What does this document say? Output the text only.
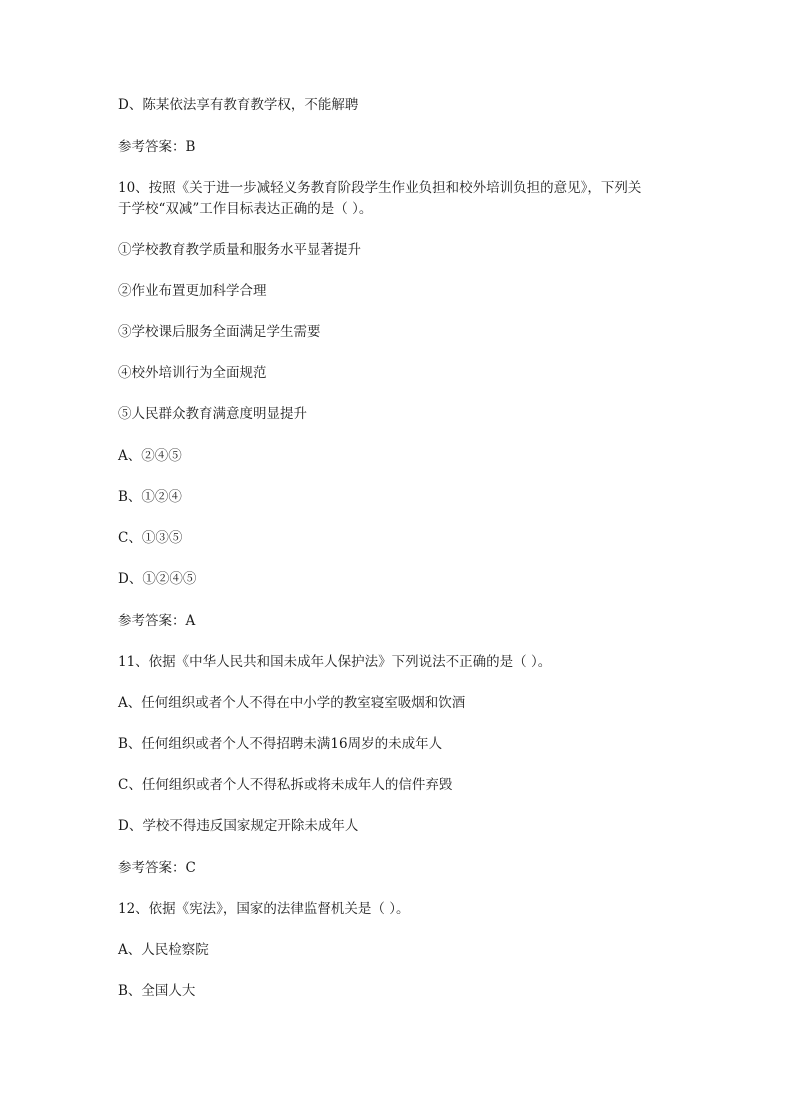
D、陈某依法享有教育教学权，不能解聘
参考答案：B
10、按照《关于进一步减轻义务教育阶段学生作业负担和校外培训负担的意见》，下列关
于学校“双减”工作目标表达正确的是（ ）。
①学校教育教学质量和服务水平显著提升
②作业布置更加科学合理
③学校课后服务全面满足学生需要
④校外培训行为全面规范
⑤人民群众教育满意度明显提升
A、②④⑤
B、①②④
C、①③⑤
D、①②④⑤
参考答案：A
11、依据《中华人民共和国未成年人保护法》下列说法不正确的是（ ）。
A、任何组织或者个人不得在中小学的教室寝室吸烟和饮酒
B、任何组织或者个人不得招聘未满16周岁的未成年人
C、任何组织或者个人不得私拆或将未成年人的信件弃毁
D、学校不得违反国家规定开除未成年人
参考答案：C
12、依据《宪法》，国家的法律监督机关是（ ）。
A、人民检察院
B、全国人大
